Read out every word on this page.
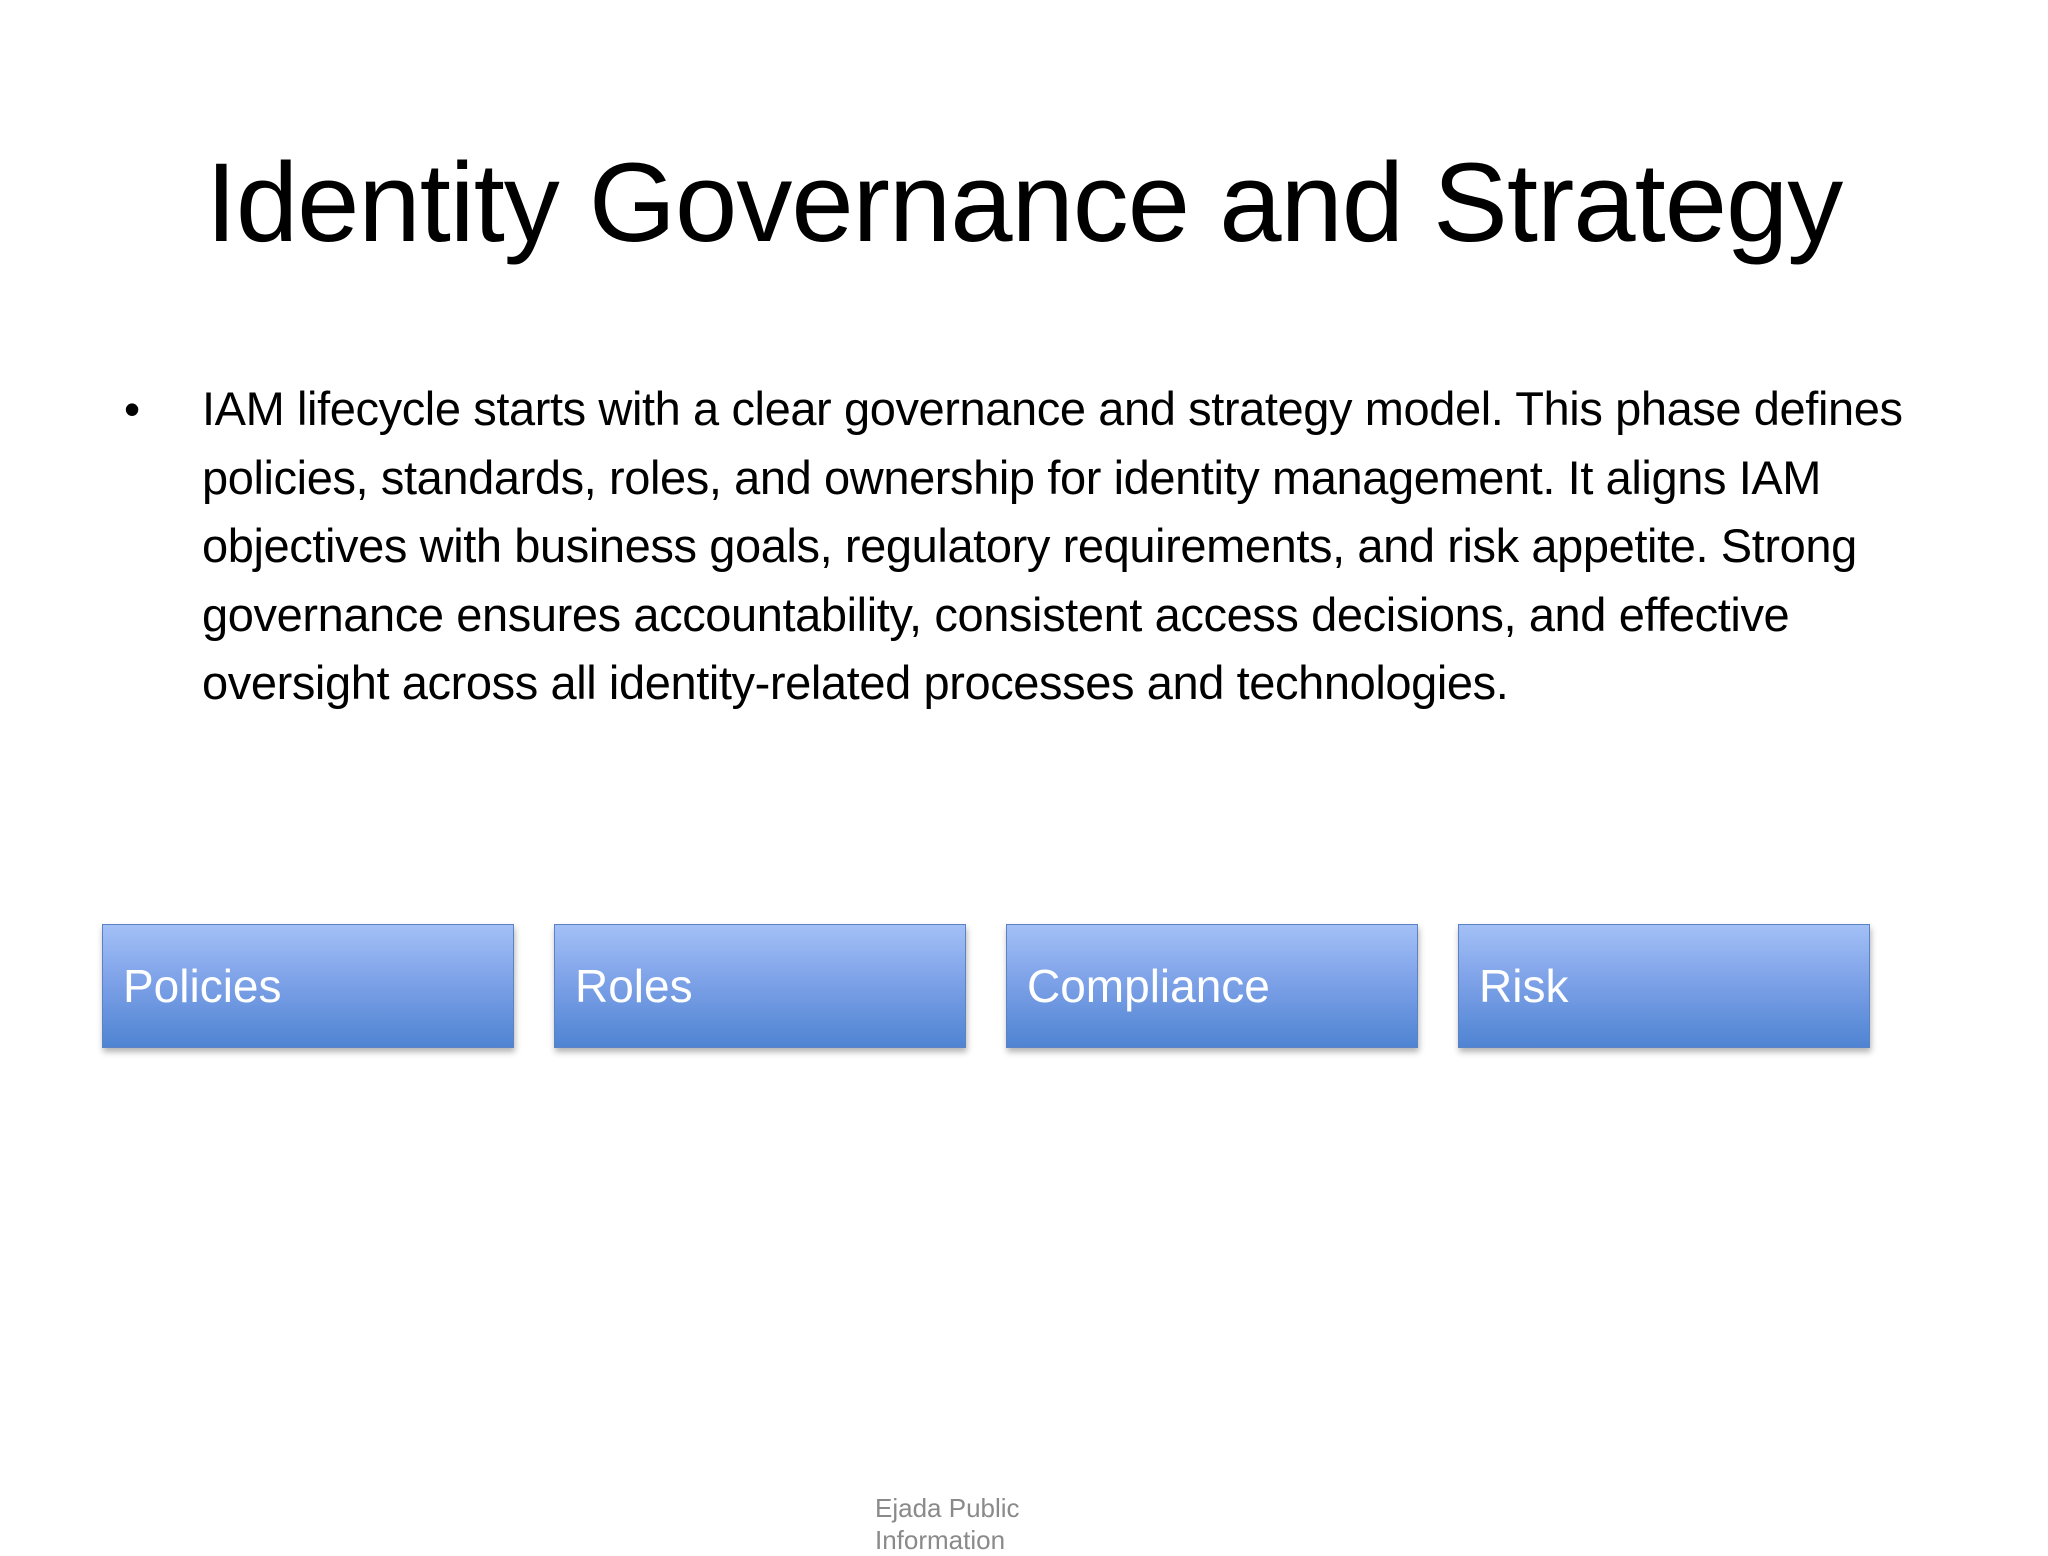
Identity Governance and Strategy
• IAM lifecycle starts with a clear governance and strategy model. This phase defines policies, standards, roles, and ownership for identity management. It aligns IAM objectives with business goals, regulatory requirements, and risk appetite. Strong governance ensures accountability, consistent access decisions, and effective oversight across all identity-related processes and technologies.
Policies	Roles	Compliance	Risk
Ejada Public Information
